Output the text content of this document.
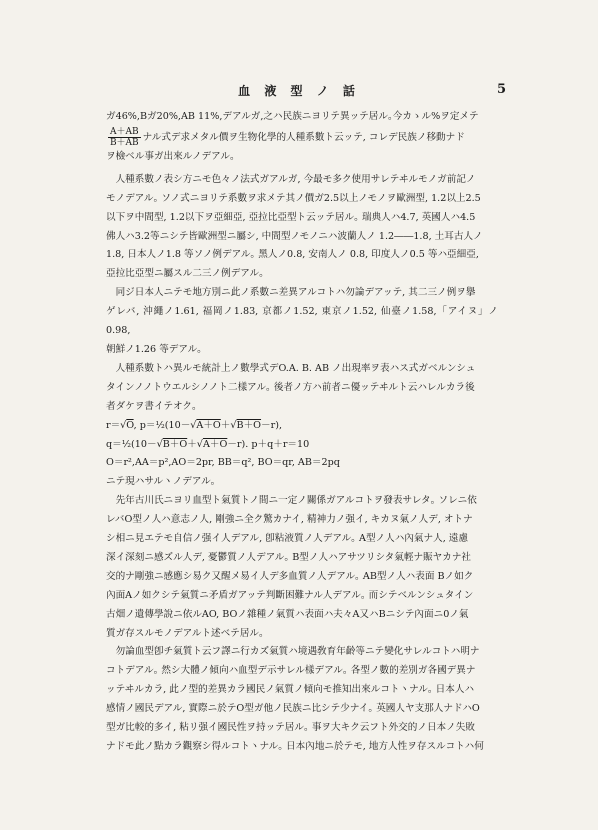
血 液 型 ノ 話	5

ガ46%,Bガ20%,AB 11%,デアルガ,之ハ民族ニヨリテ異ッテ居ル｡今カゝル%ヲ定メテ

$\frac{A+AB}{B+AB}$ ナル式デ求メタル價ヲ生物化學的人種系數ト云ッテ, コレデ民族ノ移動ナド

ヲ檢ベル事ガ出來ルノデアル｡

人種系數ノ表シ方ニモ色々ノ法式ガアルガ, 今最モ多ク使用サレテヰルモノガ前記ノ

モノデアル｡ ソノ式ニヨリテ系數ヲ求メテ其ノ價ガ2.5以上ノモノヲ歐洲型, 1.2以上2.5

以下ヲ中間型, 1.2以下ヲ亞細亞, 亞拉比亞型ト云ッテ居ル｡ 瑞典人ハ4.7, 英國人ハ4.5

佛人ハ3.2等ニシテ皆歐洲型ニ屬シ, 中間型ノモノニハ波蘭人ノ 1.2――1.8, 土耳古人ノ

1.8, 日本人ノ1.8 等ソノ例デアル｡ 黑人ノ0.8, 安南人ノ 0.8, 印度人ノ0.5 等ハ亞細亞,

亞拉比亞型ニ屬スル二三ノ例デアル｡

同ジ日本人ニテモ地方別ニ此ノ系數ニ差異アルコトハ勿論デアッテ, 其二三ノ例ヲ擧

ゲレバ, 沖繩ノ1.61, 福岡ノ1.83, 京都ノ1.52, 東京ノ1.52, 仙臺ノ1.58,「アイヌ」ノ0.98,

朝鮮ノ1.26 等デアル｡

人種系數トハ異ルモ統計上ノ數學式デO.A. B. AB ノ出現率ヲ表ハス式ガベルンシュ

タインノノトウエルシノノト二樣アル｡ 後者ノ方ハ前者ニ優ッテヰルト云ハレルカラ後

者ダケヲ書イテオク｡

r＝√O, p＝½(10－√A＋O＋√B＋O－r),

q＝½(10－√B＋O＋√A＋O－r). p＋q＋r＝10

O＝r²,AA＝p²,AO＝2pr, BB＝q², BO＝qr, AB＝2pq

ニテ現ハサルヽノデアル｡

先年古川氏ニヨリ血型ト氣質トノ間ニ一定ノ關係ガアルコトヲ發表サレタ｡ ソレニ依

レバO型ノ人ハ意志ノ人, 剛強ニ全ク驚カナイ, 精神力ノ强イ, キカヌ氣ノ人デ, オトナ

シ相ニ見エテモ自信ノ强イ人デアル, 卽粘液質ノ人デアル｡ A型ノ人ハ內氣ナ人, 遠慮

深イ深刻ニ感ズル人デ, 憂鬱質ノ人デアル｡ B型ノ人ハアサツリシタ氣輕ナ賑ヤカナ社

交的ナ剛強ニ感應シ易ク又醒メ易イ人デ多血質ノ人デアル｡ AB型ノ人ハ表面 Bノ如ク

內面Aノ如クシテ氣質ニ矛盾ガアッテ判斷困難ナル人デアル｡ 而シテベルンシュタイン

古畑ノ遺傳學說ニ依ルAO, BOノ雜種ノ氣質ハ表面ハ夫々A又ハBニシテ內面ニ0ノ氣

質ガ存スルモノデアルト述ベテ居ル｡

勿論血型卽チ氣質ト云フ譯ニ行カズ氣質ハ境遇敎育年齡等ニテ變化サレルコトハ明ナ

コトデアル｡ 然シ大體ノ傾向ハ血型デ示サレル樣デアル｡ 各型ノ數的差別ガ各國デ異ナ

ッテヰルカラ, 此ノ型的差異カラ國民ノ氣質ノ傾向モ推知出來ルコトヽナル｡ 日本人ハ

感情ノ國民デアル, 實際ニ於テO型ガ他ノ民族ニ比シテ少ナイ｡ 英國人ヤ支那人ナドハO

型ガ比較的多イ, 粘リ强イ國民性ヲ持ッテ居ル｡ 事ヲ大キク云フト外交的ノ日本ノ失敗

ナドモ此ノ點カラ觀察シ得ルコトヽナル｡ 日本內地ニ於テモ, 地方人性ヲ存スルコトハ何
